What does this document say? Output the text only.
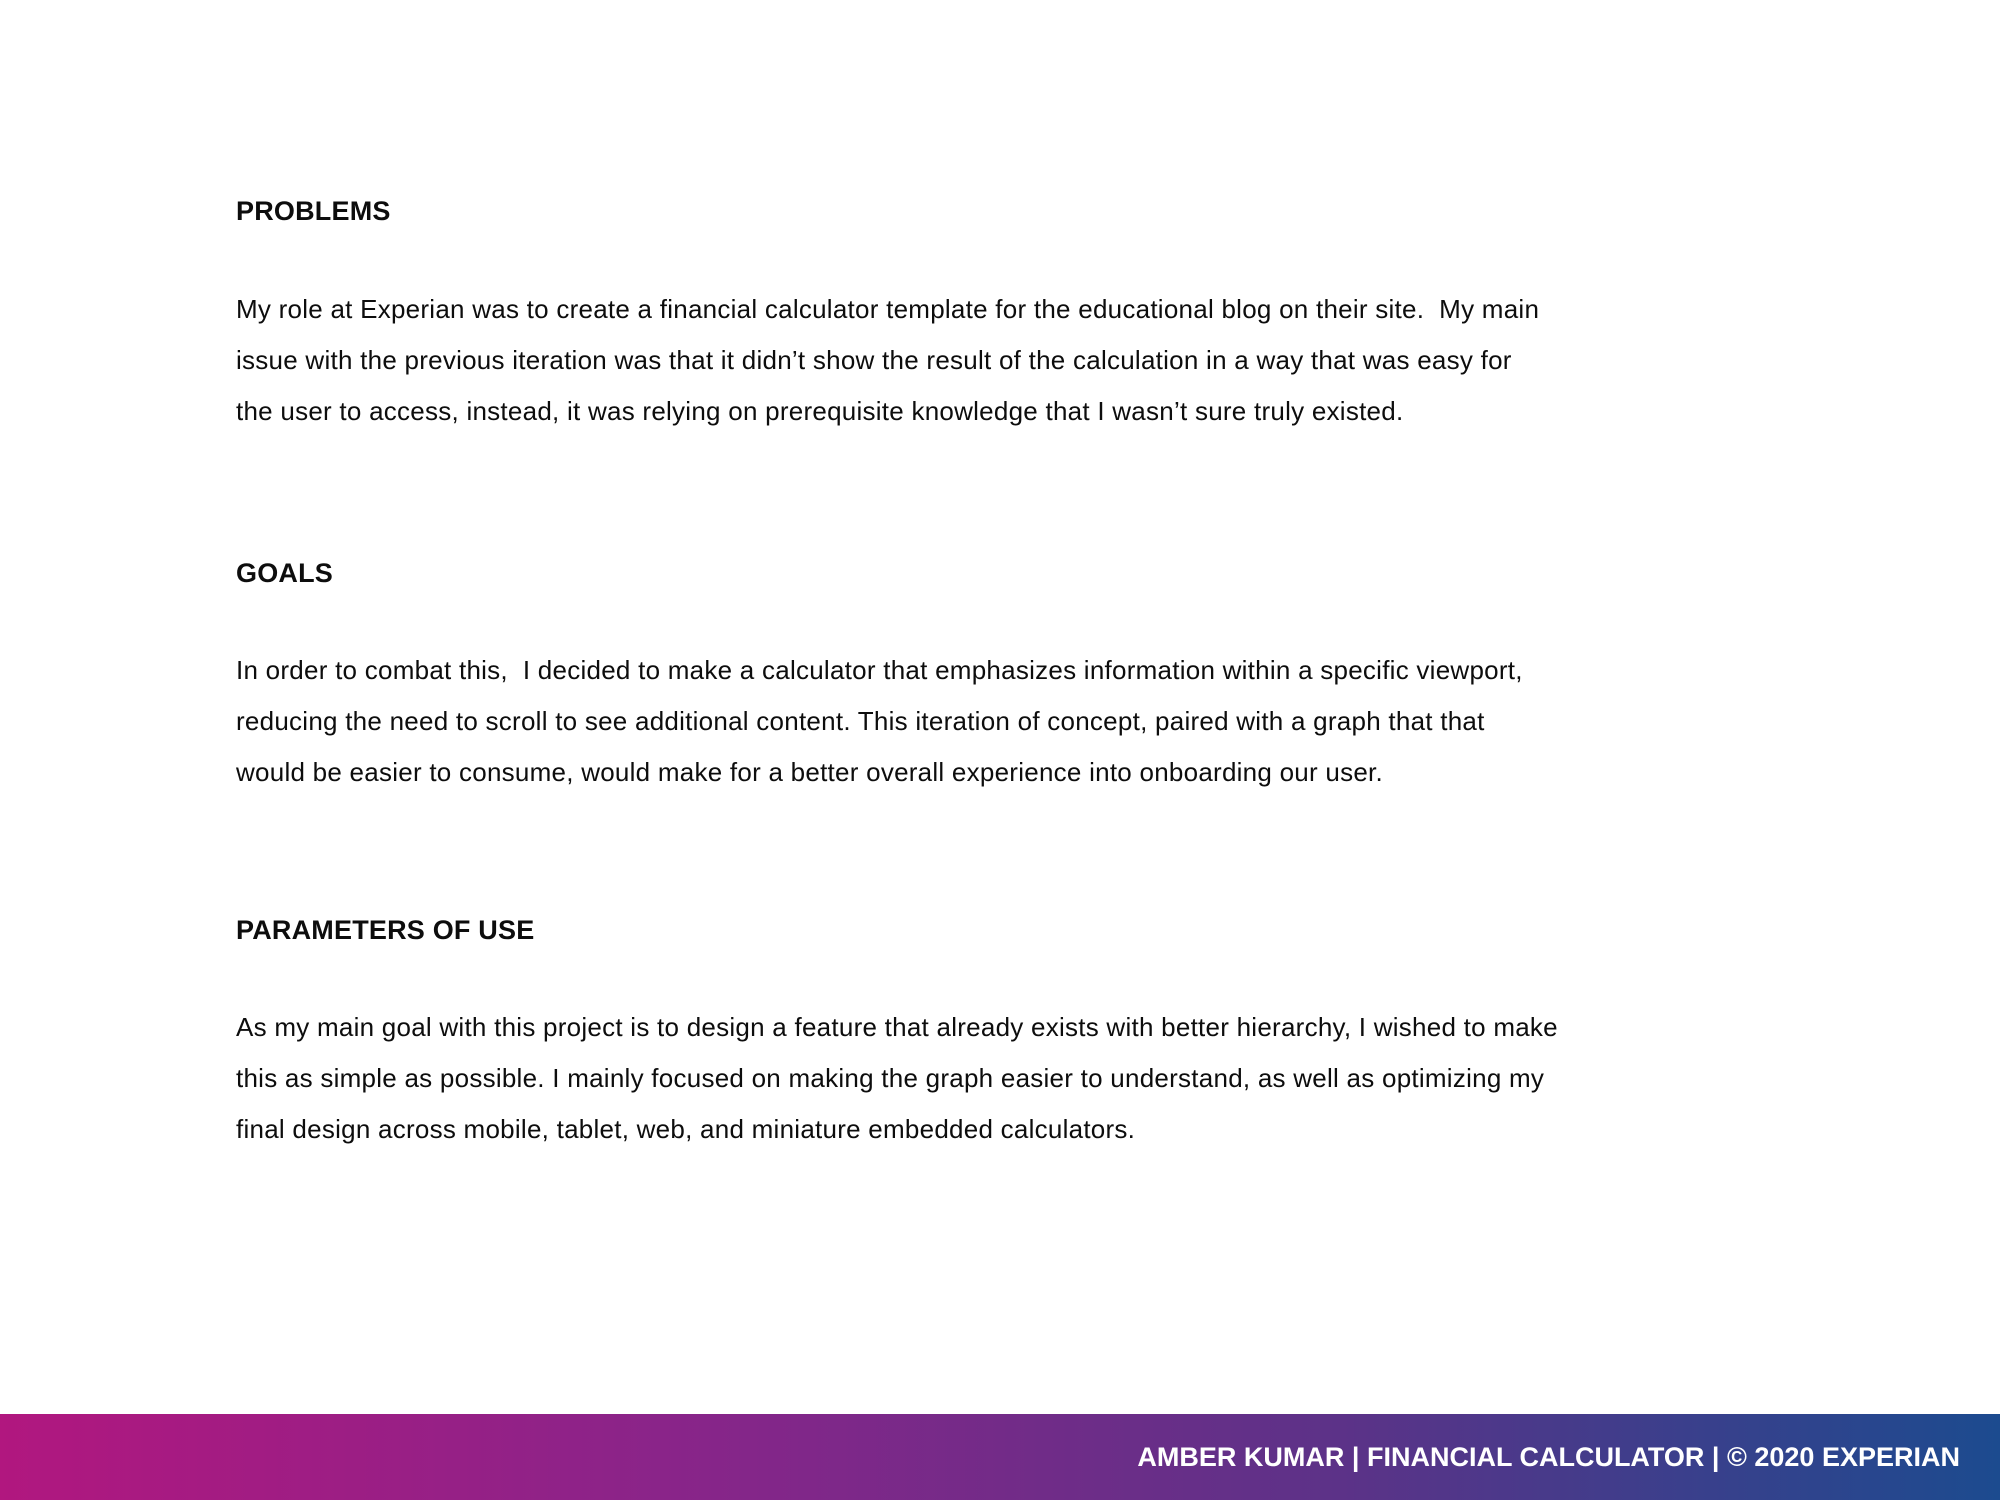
PROBLEMS

My role at Experian was to create a financial calculator template for the educational blog on their site.  My main
issue with the previous iteration was that it didn’t show the result of the calculation in a way that was easy for
the user to access, instead, it was relying on prerequisite knowledge that I wasn’t sure truly existed.

GOALS

In order to combat this,  I decided to make a calculator that emphasizes information within a specific viewport,
reducing the need to scroll to see additional content. This iteration of concept, paired with a graph that that
would be easier to consume, would make for a better overall experience into onboarding our user.

PARAMETERS OF USE

As my main goal with this project is to design a feature that already exists with better hierarchy, I wished to make
this as simple as possible. I mainly focused on making the graph easier to understand, as well as optimizing my
final design across mobile, tablet, web, and miniature embedded calculators.

AMBER KUMAR | FINANCIAL CALCULATOR | © 2020 EXPERIAN
